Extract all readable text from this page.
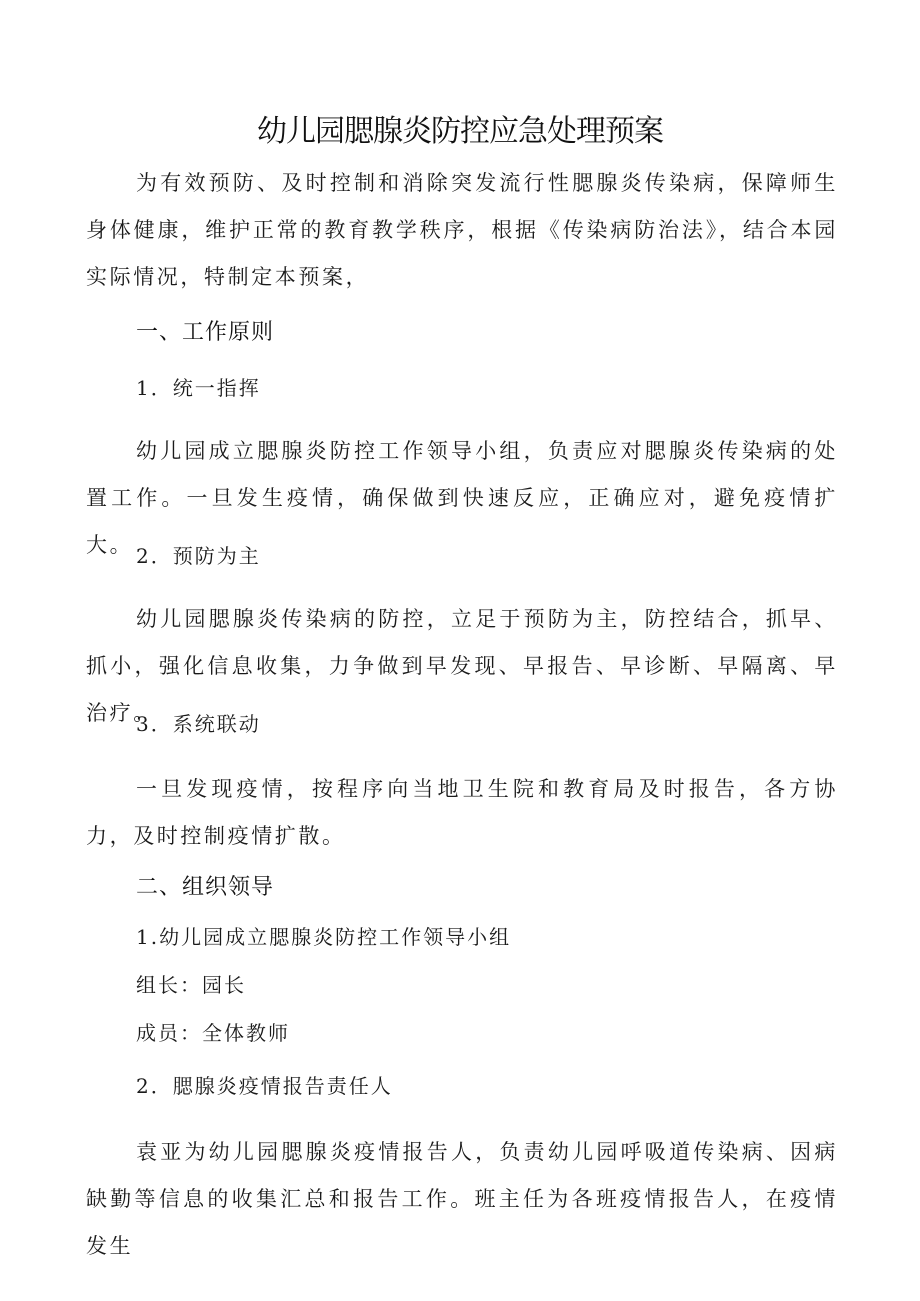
幼儿园腮腺炎防控应急处理预案

为有效预防、及时控制和消除突发流行性腮腺炎传染病，保障师生身体健康，维护正常的教育教学秩序，根据《传染病防治法》，结合本园实际情况，特制定本预案，

一、工作原则

1．统一指挥

幼儿园成立腮腺炎防控工作领导小组，负责应对腮腺炎传染病的处置工作。一旦发生疫情，确保做到快速反应，正确应对，避免疫情扩大。 2．预防为主

幼儿园腮腺炎传染病的防控，立足于预防为主，防控结合，抓早、抓小，强化信息收集，力争做到早发现、早报告、早诊断、早隔离、早治疗。

3．系统联动

一旦发现疫情，按程序向当地卫生院和教育局及时报告，各方协力，及时控制疫情扩散。

二、组织领导

1.幼儿园成立腮腺炎防控工作领导小组

组长：园长

成员：全体教师

2．腮腺炎疫情报告责任人

袁亚为幼儿园腮腺炎疫情报告人，负责幼儿园呼吸道传染病、因病缺勤等信息的收集汇总和报告工作。班主任为各班疫情报告人，在疫情发生
